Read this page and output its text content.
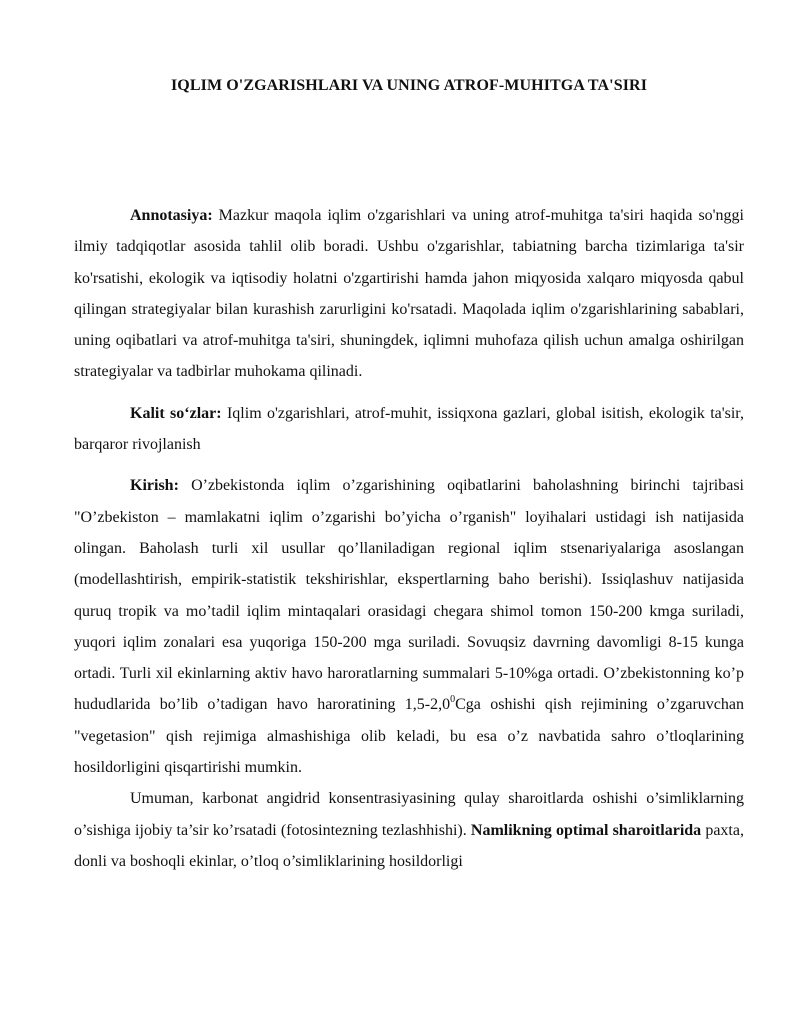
IQLIM O'ZGARISHLARI VA UNING ATROF-MUHITGA TA'SIRI

Annotasiya: Mazkur maqola iqlim o'zgarishlari va uning atrof-muhitga ta'siri haqida so'nggi ilmiy tadqiqotlar asosida tahlil olib boradi. Ushbu o'zgarishlar, tabiatning barcha tizimlariga ta'sir ko'rsatishi, ekologik va iqtisodiy holatni o'zgartirishi hamda jahon miqyosida xalqaro miqyosda qabul qilingan strategiyalar bilan kurashish zarurligini ko'rsatadi. Maqolada iqlim o'zgarishlarining sabablari, uning oqibatlari va atrof-muhitga ta'siri, shuningdek, iqlimni muhofaza qilish uchun amalga oshirilgan strategiyalar va tadbirlar muhokama qilinadi.

Kalit so‘zlar: Iqlim o'zgarishlari, atrof-muhit, issiqxona gazlari, global isitish, ekologik ta'sir, barqaror rivojlanish

Kirish: O’zbekistonda iqlim o’zgarishining oqibatlarini baholashning birinchi tajribasi "O’zbekiston – mamlakatni iqlim o’zgarishi bo’yicha o’rganish" loyihalari ustidagi ish natijasida olingan. Baholash turli xil usullar qo’llaniladigan regional iqlim stsenariyalariga asoslangan (modellashtirish, empirik-statistik tekshirishlar, ekspertlarning baho berishi). Issiqlashuv natijasida quruq tropik va mo’tadil iqlim mintaqalari orasidagi chegara shimol tomon 150-200 kmga suriladi, yuqori iqlim zonalari esa yuqoriga 150-200 mga suriladi. Sovuqsiz davrning davomligi 8-15 kunga ortadi. Turli xil ekinlarning aktiv havo haroratlarning summalari 5-10%ga ortadi. O’zbekistonning ko’p hududlarida bo’lib o’tadigan havo haroratining $1,5-2,0^0Cga$ oshishi qish rejimining o’zgaruvchan "vegetasion" qish rejimiga almashishiga olib keladi, bu esa o’z navbatida sahro o’tloqlarining hosildorligini qisqartirishi mumkin.

Umuman, karbonat angidrid konsentrasiyasining qulay sharoitlarda oshishi o’simliklarning o’sishiga ijobiy ta’sir ko’rsatadi (fotosintezning tezlashhishi). Namlikning optimal sharoitlarida paxta, donli va boshoqli ekinlar, o’tloq o’simliklarining hosildorligi
